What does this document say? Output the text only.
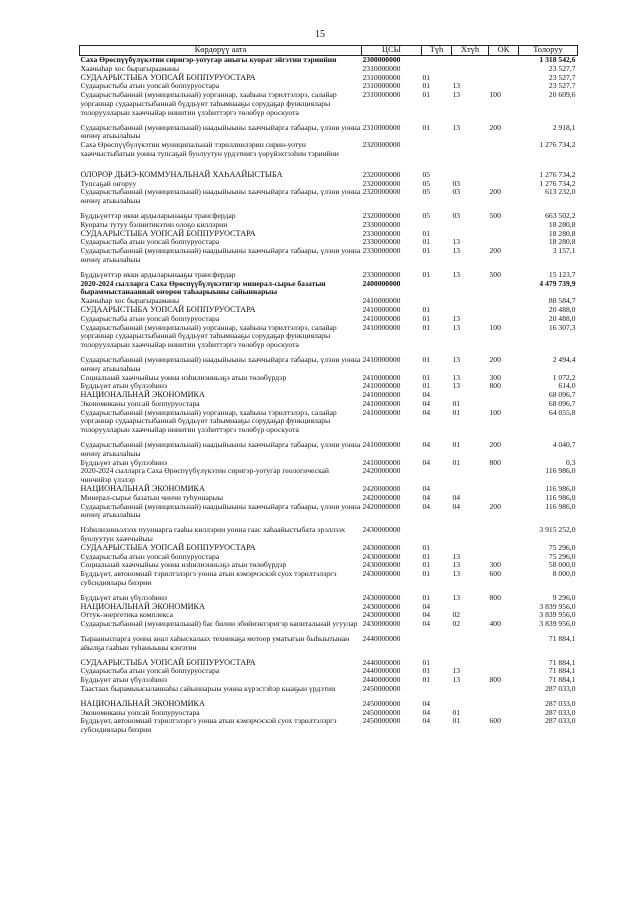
15
Көрдөрүү аата	ЦСЫ	Түһ	Хтүһ	ОК	Толоруу
Саха Өрөспүүбүлүкэтин сиригэр-уотугар аныгы куорат эйгэтин тэриийии	2300000000				1 318 542,6
Хаачыһар хос бырагырааманы	2310000000				23 527,7
СУДААРЫСТЫБА УОПСАЙ БОППУРУОСТАРА	2310000000	01			23 527,7
Судаарыстыба атын уопсай боппуруостара	2310000000	01	13		23 527,7
Судаарыстыбаннай (муниципальнай) уорганнар, хааһына тэрилтэлэрэ, салайар уорганнар судаарыстыбаннай бүддьүөт таһымнааҕы сорудаҕар функциялары толоруулларын хааччыйар иниитин үлэһиттэргэ төлөбүр ороскуота	2310000000	01	13	100	20 609,6
Судаарыстыбаннай (муниципальнай) наадыйыыны хааччыйарга табаары, үлэни уонна өҥөнү атыылаһыы	2310000000	01	13	200	2 918,1
Саха Өрөспүүбүлүкэтин муниципальнай тэриллиилэрин сирин-уотун хааччыстыбатын уонна тупсаҕай буолуутун үрдэтиигэ үөрүйэхтээһин тэриийии	2320000000				1 276 734,2
ОЛОРОР ДЬИЭ-КОММУНАЛЬНАЙ ХАҺААЙЫСТЫБА	2320000000	05			1 276 734,2
Тупсаҕай оҥоруу	2320000000	05	03		1 276 734,2
Судаарыстыбаннай (муниципальнай) наадыйыыны хааччыйарга табаары, үлэни уонна өҥөнү атыылаһыы	2320000000	05	03	200	613 232,0
Бүддьүөттэр икки ардыларынааҕы трансфердар	2320000000	05	03	500	663 502,2
Куораты тутуу бэлиитикэтин олоҕо киллэрии	2330000000				18 280,8
СУДААРЫСТЫБА УОПСАЙ БОППУРУОСТАРА	2330000000	01			18 280,8
Судаарыстыба атын уопсай боппуруостара	2330000000	01	13		18 280,8
Судаарыстыбаннай (муниципальнай) наадыйыыны хааччыйарга табаары, үлэни уонна өҥөнү атыылаһыы	2330000000	01	13	200	3 157,1
Бүддьүөттэр икки ардыларынааҕы трансфердар	2330000000	01	13	500	15 123,7
2020-2024 сылларга Саха Өрөспүүбүлүкэтигэр минерал-сырье базатын быраммыстанааннай оҥорон таһаарыыны сайыннарыы	2400000000				4 479 739,9
Хаачыһар хос бырагырааманы	2410000000				88 584,7
СУДААРЫСТЫБА УОПСАЙ БОППУРУОСТАРА	2410000000	01			20 488,0
Судаарыстыба атын уопсай боппуруостара	2410000000	01	13		20 488,0
Судаарыстыбаннай (муниципальнай) уорганнар, хааһына тэрилтэлэрэ, салайар уорганнар судаарыстыбаннай бүддьүөт таһымнааҕы сорудаҕар функциялары толоруулларын хааччыйар иниитин үлэһиттэргэ төлөбүр ороскуота	2410000000	01	13	100	16 307,3
Судаарыстыбаннай (муниципальнай) наадыйыыны хааччыйарга табаары, үлэни уонна өҥөнү атыылаһыы	2410000000	01	13	200	2 494,4
Социальнай хааччыйыы уонна нэһилиэнньэҕэ атын төлөбүрдэр	2410000000	01	13	300	1 072,2
Бүддьүөт атын үбүлээһинэ	2410000000	01	13	800	614,0
НАЦИОНАЛЬНАЙ ЭКОНОМИКА	2410000000	04			68 096,7
Экономиканы уопсай боппуруостара	2410000000	04	01		68 096,7
Судаарыстыбаннай (муниципальнай) уорганнар, хааһына тэрилтэлэрэ, салайар уорганнар судаарыстыбаннай бүддьүөт таһымнааҕы сорудаҕар функциялары толоруулларын хааччыйар иниитин үлэһиттэргэ төлөбүр ороскуота	2410000000	04	01	100	64 055,8
Судаарыстыбаннай (муниципальнай) наадыйыыны хааччыйарга табаары, үлэни уонна өҥөнү атыылаһыы	2410000000	04	01	200	4 040,7
Бүддьүөт атын үбүлээһинэ	2410000000	04	01	800	0,3
2020-2024 сылларга Саха Өрөспүүбүлүкэтин сиригэр-уотугар геологическай чинчийэр үлэлэр	2420000000				116 986,0
НАЦИОНАЛЬНАЙ ЭКОНОМИКА	2420000000	04			116 986,0
Минерал-сырье базатын чинчи туһуннарыы	2420000000	04	04		116 986,0
Судаарыстыбаннай (муниципальнай) наадыйыыны хааччыйарга табаары, үлэни уонна өҥөнү атыылаһыы	2420000000	04	04	200	116 986,0
Нэһилиэнньэлээх пууннарга гааһы киллэрии уонна гаас хаһаайыстыбата эрэллээх буолуутун хааччыйыы	2430000000				3 915 252,0
СУДААРЫСТЫБА УОПСАЙ БОППУРУОСТАРА	2430000000	01			75 296,0
Судаарыстыба атын уопсай боппуруостара	2430000000	01	13		75 296,0
Социальнай хааччыйыы уонна нэһилиэнньэҕэ атын төлөбүрдэр	2430000000	01	13	300	58 000,0
Бүддьүөт, автономнай тэрилтэлэргэ уонна атын кэмэрчэскэй суох тэрилтэлэргэ субсидиялары биэрии	2430000000	01	13	600	8 000,0
Бүддьүөт атын үбүлээһинэ	2430000000	01	13	800	9 296,0
НАЦИОНАЛЬНАЙ ЭКОНОМИКА	2430000000	04			3 839 956,0
Оттук-энергетика комплекса	2430000000	04	02		3 839 956,0
Судаарыстыбаннай (муниципальнай) бас билии эбийиэктэригэр капитальнай угуулар	2430000000	04	02	400	3 839 956,0
Тырааныспарга уонна анал хаһыскалаах техникаҕа мотоор уматыгын быһыытынан айылҕа гааһын туһаныыны кэҥэтии	2440000000				71 884,1
СУДААРЫСТЫБА УОПСАЙ БОППУРУОСТАРА	2440000000	01			71 884,1
Судаарыстыба атын уопсай боппуруостара	2440000000	01	13		71 884,1
Бүддьүөт атын үбүлээһинэ	2440000000	01	13	800	71 884,1
Таастаах бырамыысыланнаһы сайыннарыы уонна күрэстэһэр кыаҕын үрдэтии	2450000000				287 033,0
НАЦИОНАЛЬНАЙ ЭКОНОМИКА	2450000000	04			287 033,0
Экономиканы уопсай боппуруостара	2450000000	04	01		287 033,0
Бүддьүөт, автономнай тэрилтэлэргэ уонна атын кэмэрчэскэй суох тэрилтэлэргэ субсидиялары биэрии	2450000000	04	01	600	287 033,0
